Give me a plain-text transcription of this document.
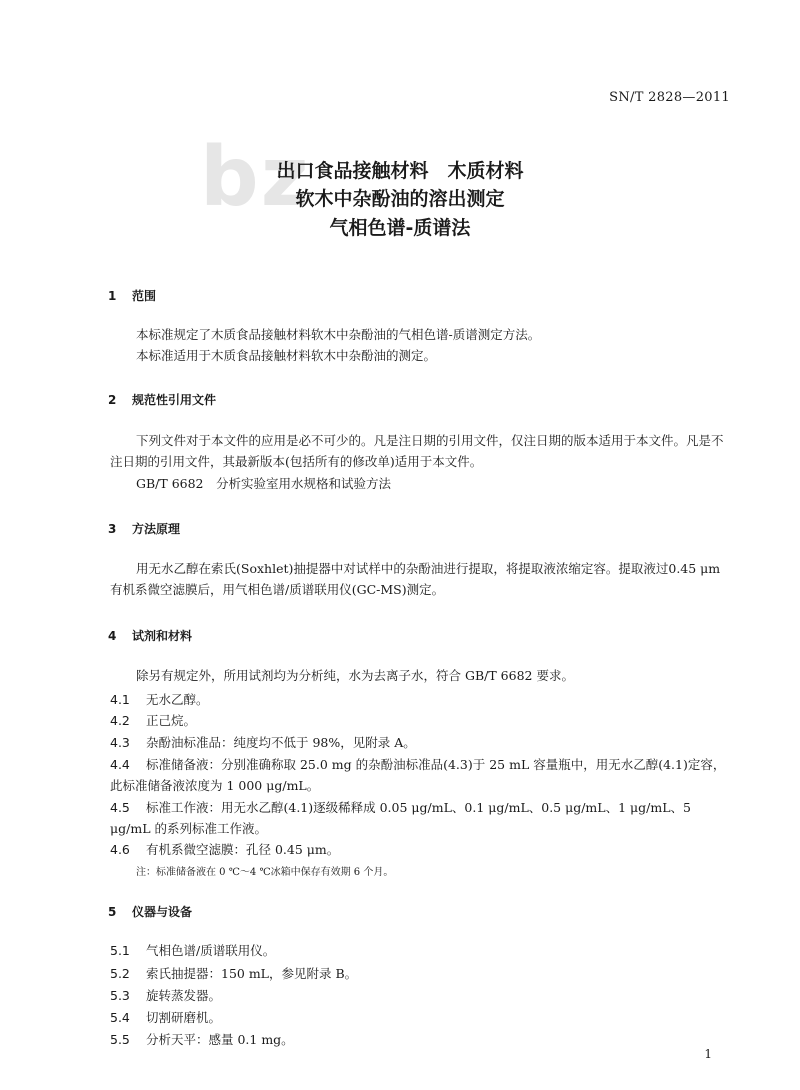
bz
SN/T 2828—2011
出口食品接触材料　木质材料
软木中杂酚油的溶出测定
气相色谱-质谱法
1 范围
本标准规定了木质食品接触材料软木中杂酚油的气相色谱-质谱测定方法。
本标准适用于木质食品接触材料软木中杂酚油的测定。
2 规范性引用文件
下列文件对于本文件的应用是必不可少的。凡是注日期的引用文件，仅注日期的版本适用于本文件。凡是不注日期的引用文件，其最新版本(包括所有的修改单)适用于本文件。
GB/T 6682　分析实验室用水规格和试验方法
3 方法原理
用无水乙醇在索氏(Soxhlet)抽提器中对试样中的杂酚油进行提取，将提取液浓缩定容。提取液过0.45 μm 有机系微空滤膜后，用气相色谱/质谱联用仪(GC-MS)测定。
4 试剂和材料
除另有规定外，所用试剂均为分析纯，水为去离子水，符合 GB/T 6682 要求。
4.1 无水乙醇。
4.2 正己烷。
4.3 杂酚油标准品：纯度均不低于 98%，见附录 A。
4.4 标准储备液：分别准确称取 25.0 mg 的杂酚油标准品(4.3)于 25 mL 容量瓶中，用无水乙醇(4.1)定容，此标准储备液浓度为 1 000 μg/mL。
4.5 标准工作液：用无水乙醇(4.1)逐级稀释成 0.05 μg/mL、0.1 μg/mL、0.5 μg/mL、1 μg/mL、5 μg/mL 的系列标准工作液。
4.6 有机系微空滤膜：孔径 0.45 μm。
注：标准储备液在 0 ℃～4 ℃冰箱中保存有效期 6 个月。
5 仪器与设备
5.1 气相色谱/质谱联用仪。
5.2 索氏抽提器：150 mL，参见附录 B。
5.3 旋转蒸发器。
5.4 切割研磨机。
5.5 分析天平：感量 0.1 mg。
1
